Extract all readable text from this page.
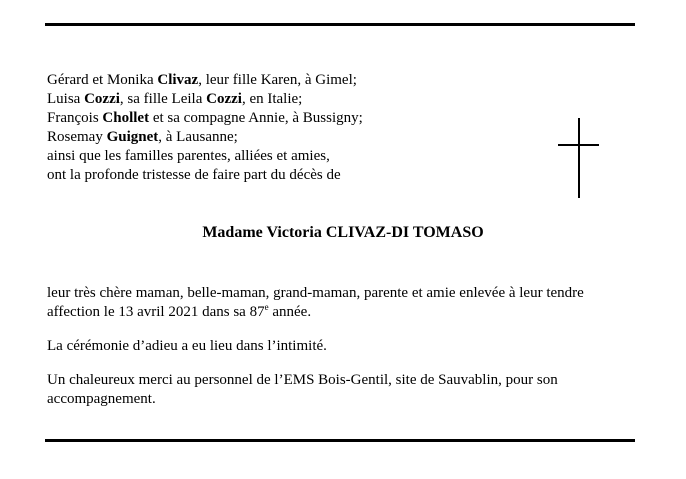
Gérard et Monika Clivaz, leur fille Karen, à Gimel;
Luisa Cozzi, sa fille Leila Cozzi, en Italie;
François Chollet et sa compagne Annie, à Bussigny;
Rosemay Guignet, à Lausanne;
ainsi que les familles parentes, alliées et amies,
ont la profonde tristesse de faire part du décès de
Madame Victoria CLIVAZ-DI TOMASO
leur très chère maman, belle-maman, grand-maman, parente et amie enlevée à leur tendre
affection le 13 avril 2021 dans sa 87e année.
La cérémonie d’adieu a eu lieu dans l’intimité.
Un chaleureux merci au personnel de l’EMS Bois-Gentil, site de Sauvablin, pour son
accompagnement.
